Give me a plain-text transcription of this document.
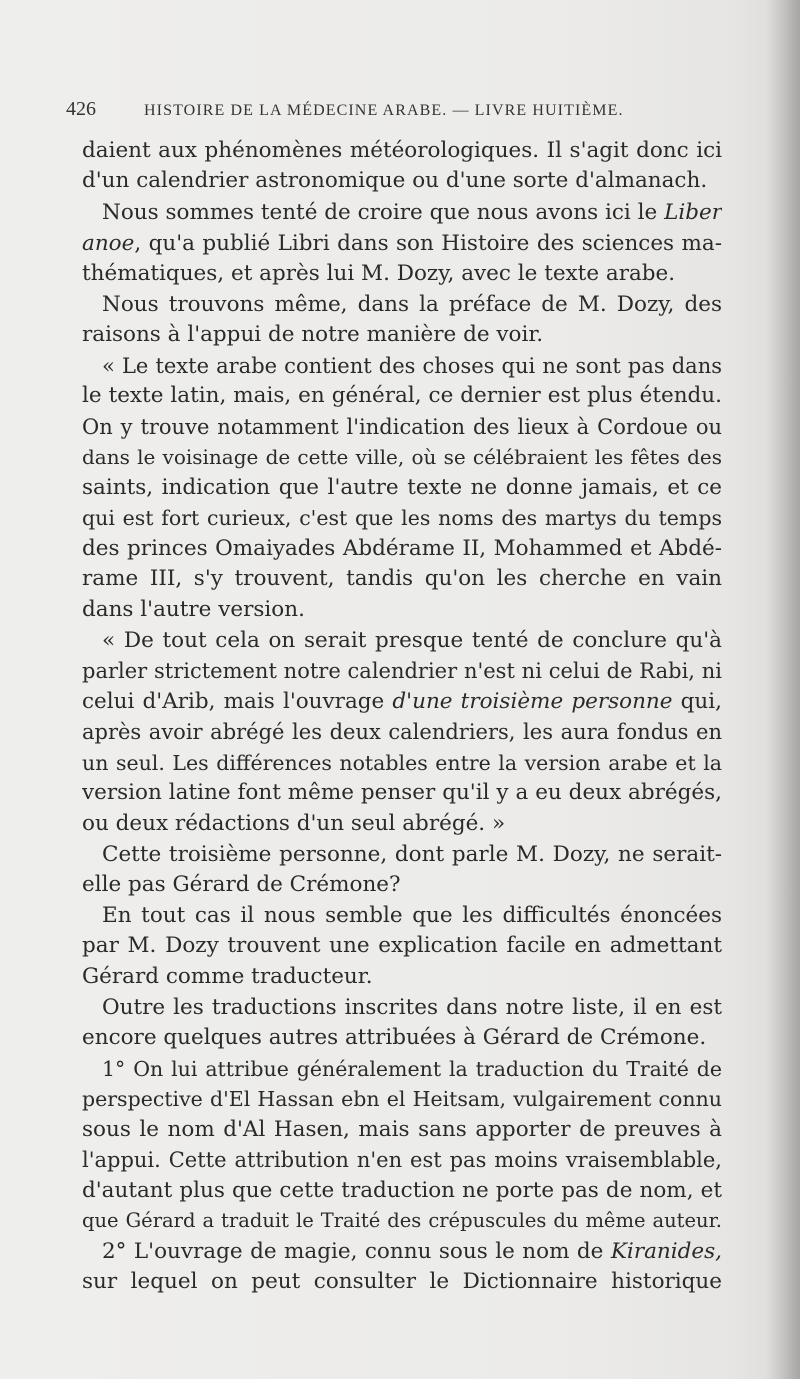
426	HISTOIRE DE LA MÉDECINE ARABE. — LIVRE HUITIÈME.
daient aux phénomènes météorologiques. Il s'agit donc ici
d'un calendrier astronomique ou d'une sorte d'almanach.
Nous sommes tenté de croire que nous avons ici le Liber
anoe, qu'a publié Libri dans son Histoire des sciences ma-
thématiques, et après lui M. Dozy, avec le texte arabe.
Nous trouvons même, dans la préface de M. Dozy, des
raisons à l'appui de notre manière de voir.
« Le texte arabe contient des choses qui ne sont pas dans
le texte latin, mais, en général, ce dernier est plus étendu.
On y trouve notamment l'indication des lieux à Cordoue ou
dans le voisinage de cette ville, où se célébraient les fêtes des
saints, indication que l'autre texte ne donne jamais, et ce
qui est fort curieux, c'est que les noms des martys du temps
des princes Omaiyades Abdérame II, Mohammed et Abdé-
rame III, s'y trouvent, tandis qu'on les cherche en vain
dans l'autre version.
« De tout cela on serait presque tenté de conclure qu'à
parler strictement notre calendrier n'est ni celui de Rabi, ni
celui d'Arib, mais l'ouvrage d'une troisième personne qui,
après avoir abrégé les deux calendriers, les aura fondus en
un seul. Les différences notables entre la version arabe et la
version latine font même penser qu'il y a eu deux abrégés,
ou deux rédactions d'un seul abrégé. »
Cette troisième personne, dont parle M. Dozy, ne serait-
elle pas Gérard de Crémone?
En tout cas il nous semble que les difficultés énoncées
par M. Dozy trouvent une explication facile en admettant
Gérard comme traducteur.
Outre les traductions inscrites dans notre liste, il en est
encore quelques autres attribuées à Gérard de Crémone.
1° On lui attribue généralement la traduction du Traité de
perspective d'El Hassan ebn el Heitsam, vulgairement connu
sous le nom d'Al Hasen, mais sans apporter de preuves à
l'appui. Cette attribution n'en est pas moins vraisemblable,
d'autant plus que cette traduction ne porte pas de nom, et
que Gérard a traduit le Traité des crépuscules du même auteur.
2° L'ouvrage de magie, connu sous le nom de Kiranides,
sur lequel on peut consulter le Dictionnaire historique
